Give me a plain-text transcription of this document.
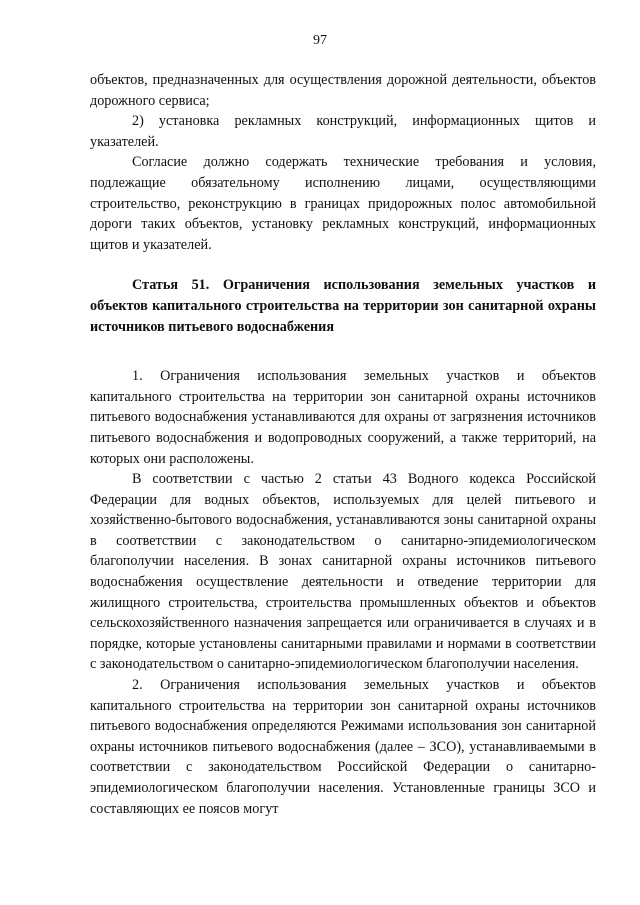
97

объектов, предназначенных для осуществления дорожной деятельности, объектов дорожного сервиса;

2) установка рекламных конструкций, информационных щитов и указателей.

Согласие должно содержать технические требования и условия, подлежащие обязательному исполнению лицами, осуществляющими строительство, реконструкцию в границах придорожных полос автомобильной дороги таких объектов, установку рекламных конструкций, информационных щитов и указателей.

Статья 51. Ограничения использования земельных участков и объектов капитального строительства на территории зон санитарной охраны источников питьевого водоснабжения

1. Ограничения использования земельных участков и объектов капитального строительства на территории зон санитарной охраны источников питьевого водоснабжения устанавливаются для охраны от загрязнения источников питьевого водоснабжения и водопроводных сооружений, а также территорий, на которых они расположены.

В соответствии с частью 2 статьи 43 Водного кодекса Российской Федерации для водных объектов, используемых для целей питьевого и хозяйственно-бытового водоснабжения, устанавливаются зоны санитарной охраны в соответствии с законодательством о санитарно-эпидемиологическом благополучии населения. В зонах санитарной охраны источников питьевого водоснабжения осуществление деятельности и отведение территории для жилищного строительства, строительства промышленных объектов и объектов сельскохозяйственного назначения запрещается или ограничивается в случаях и в порядке, которые установлены санитарными правилами и нормами в соответствии с законодательством о санитарно-эпидемиологическом благополучии населения.

2. Ограничения использования земельных участков и объектов капитального строительства на территории зон санитарной охраны источников питьевого водоснабжения определяются Режимами использования зон санитарной охраны источников питьевого водоснабжения (далее – ЗСО), устанавливаемыми в соответствии с законодательством Российской Федерации о санитарно-эпидемиологическом благополучии населения. Установленные границы ЗСО и составляющих ее поясов могут
